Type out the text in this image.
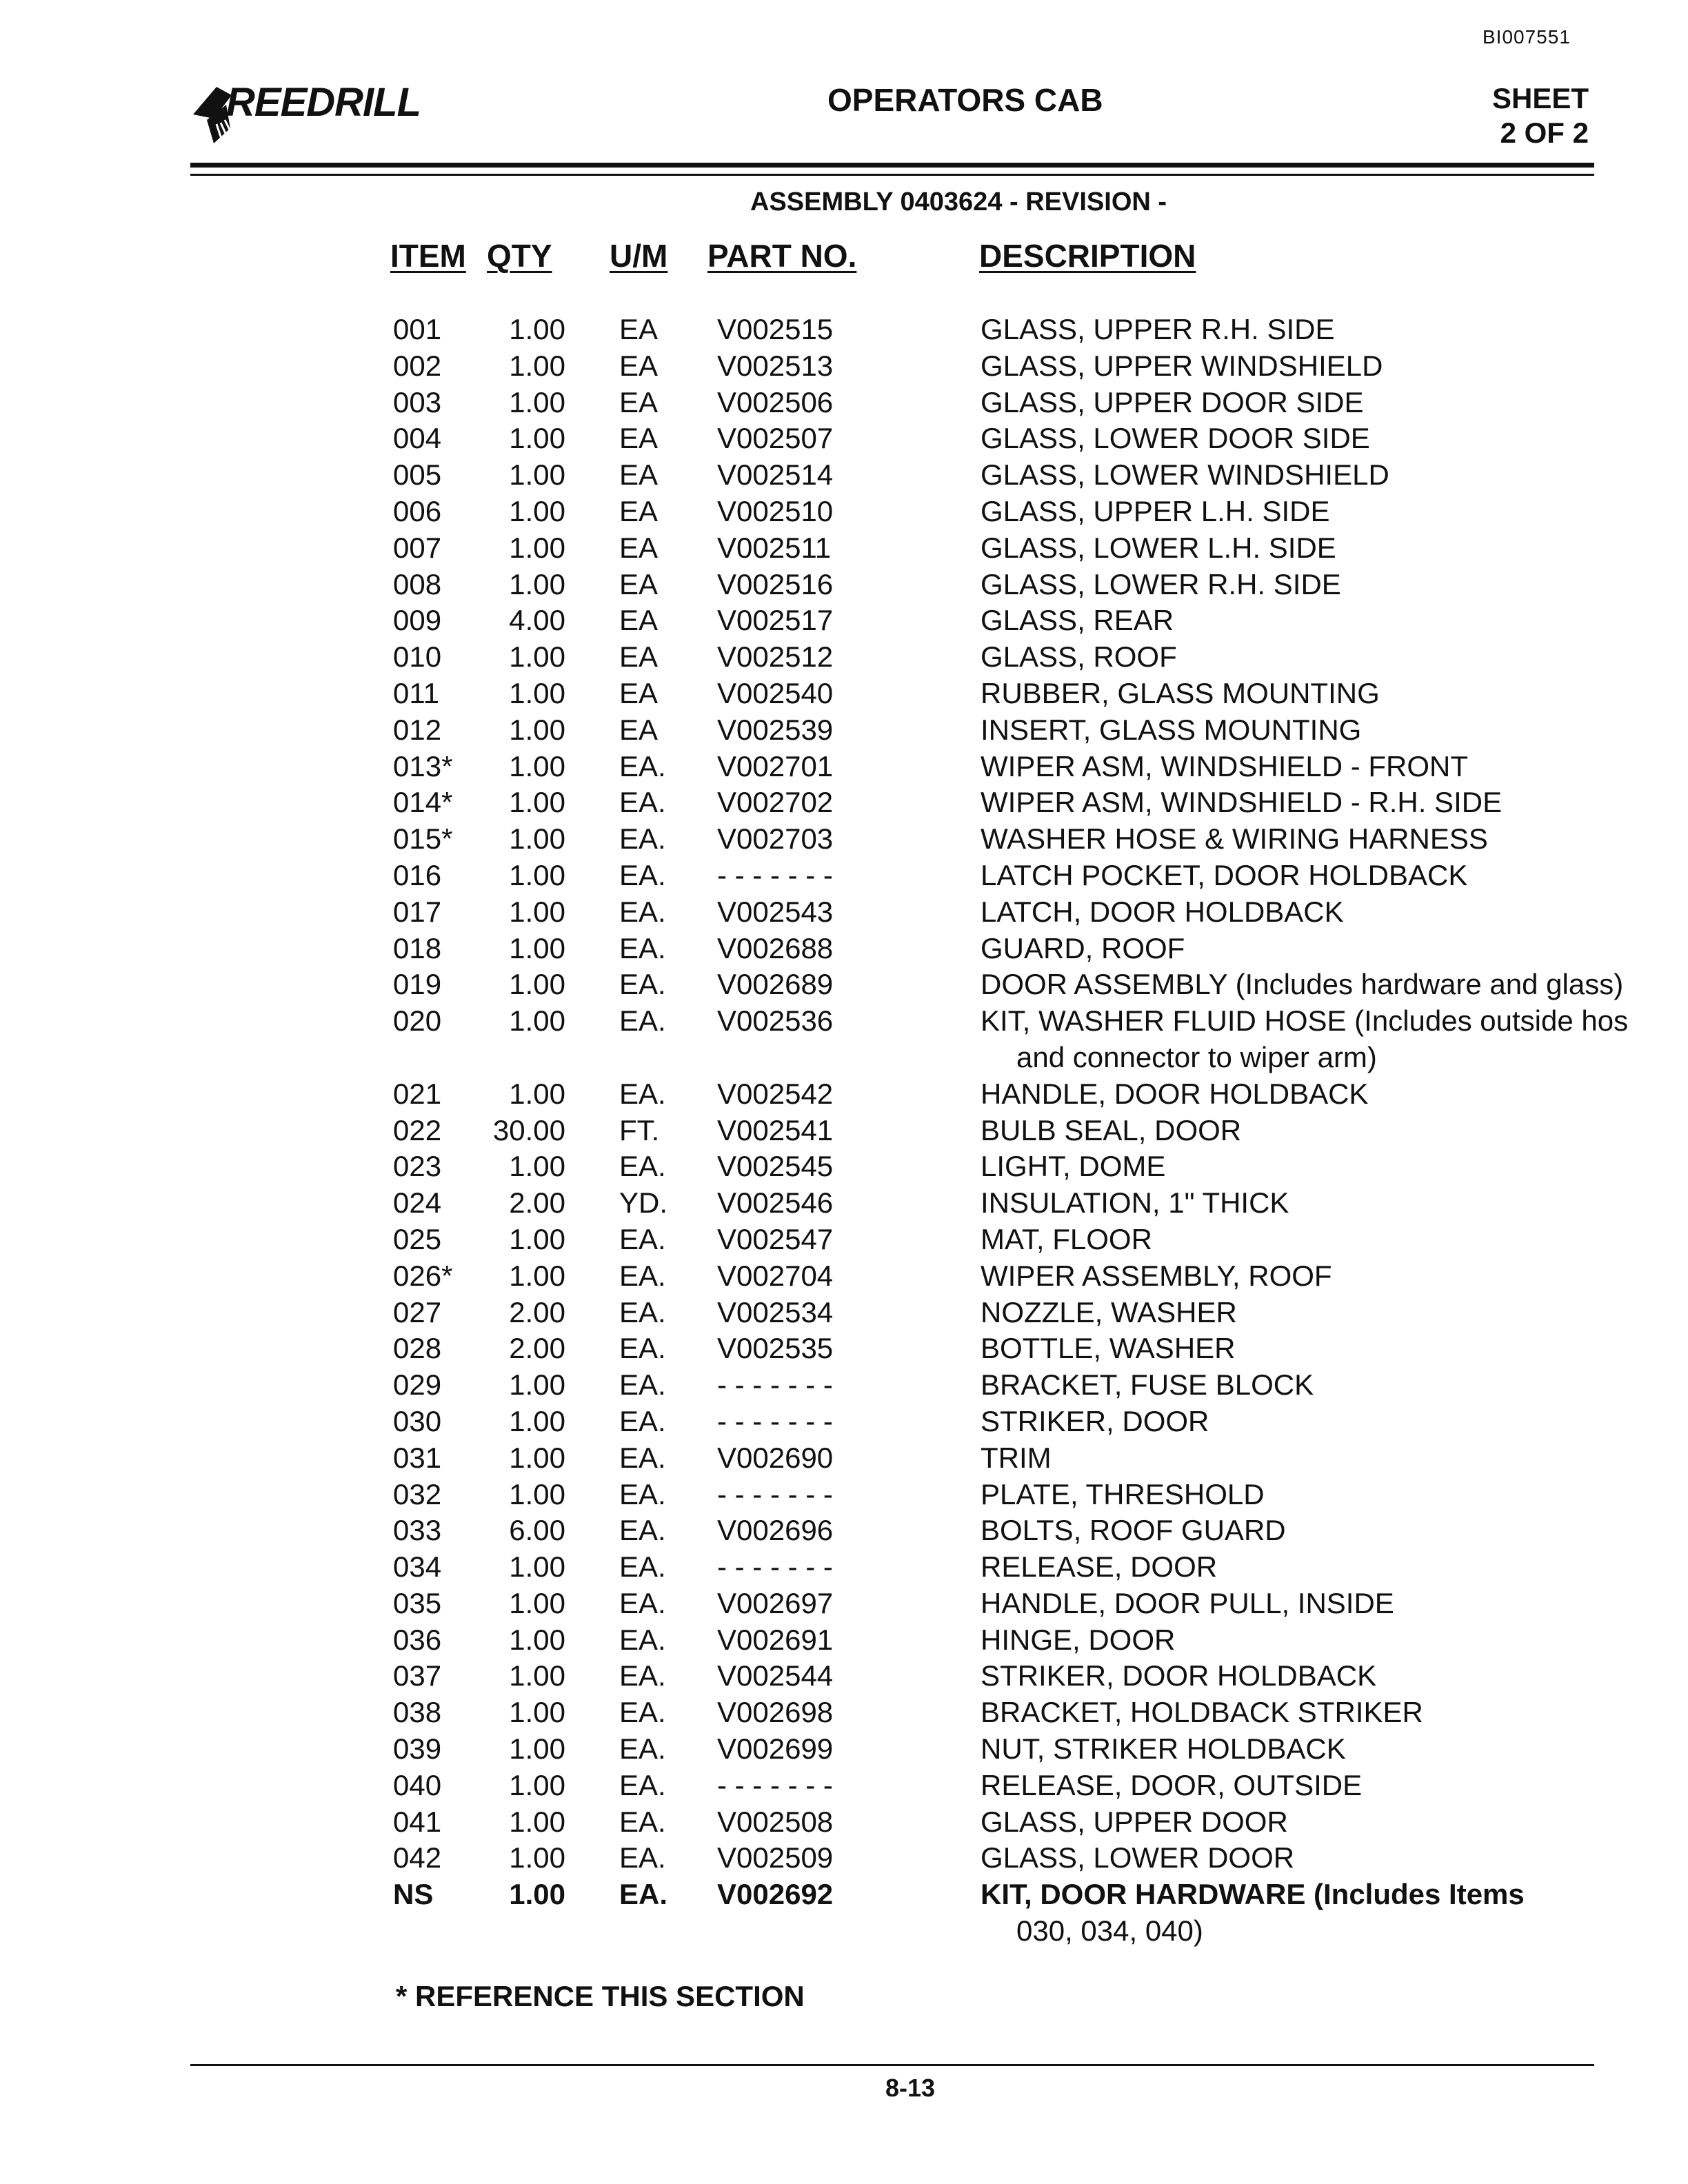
BI007551
REEDRILL	OPERATORS CAB	SHEET
2 OF 2
ASSEMBLY 0403624 - REVISION -
ITEM QTY U/M PART NO.	DESCRIPTION
001	1.00 EA V002515	GLASS, UPPER R.H. SIDE
002	1.00 EA V002513	GLASS, UPPER WINDSHIELD
003	1.00 EA V002506	GLASS, UPPER DOOR SIDE
004	1.00 EA V002507	GLASS, LOWER DOOR SIDE
005	1.00 EA V002514	GLASS, LOWER WINDSHIELD
006	1.00 EA V002510	GLASS, UPPER L.H. SIDE
007	1.00 EA V002511	GLASS, LOWER L.H. SIDE
008	1.00 EA V002516	GLASS, LOWER R.H. SIDE
009	4.00 EA V002517	GLASS, REAR
010	1.00 EA V002512	GLASS, ROOF
011	1.00 EA V002540	RUBBER, GLASS MOUNTING
012	1.00 EA V002539	INSERT, GLASS MOUNTING
013*	1.00 EA. V002701	WIPER ASM, WINDSHIELD - FRONT
014*	1.00 EA. V002702	WIPER ASM, WINDSHIELD - R.H. SIDE
015*	1.00 EA. V002703	WASHER HOSE & WIRING HARNESS
016	1.00 EA. - - - - - - -	LATCH POCKET, DOOR HOLDBACK
017	1.00 EA. V002543	LATCH, DOOR HOLDBACK
018	1.00 EA. V002688	GUARD, ROOF
019	1.00 EA. V002689	DOOR ASSEMBLY (Includes hardware and glass)
020	1.00 EA. V002536	KIT, WASHER FLUID HOSE (Includes outside hos
and connector to wiper arm)
021	1.00 EA. V002542	HANDLE, DOOR HOLDBACK
022 30.00 FT. V002541	BULB SEAL, DOOR
023	1.00 EA. V002545	LIGHT, DOME
024	2.00 YD. V002546	INSULATION, 1" THICK
025	1.00 EA. V002547	MAT, FLOOR
026*	1.00 EA. V002704	WIPER ASSEMBLY, ROOF
027	2.00 EA. V002534	NOZZLE, WASHER
028	2.00 EA. V002535	BOTTLE, WASHER
029	1.00 EA. - - - - - - -	BRACKET, FUSE BLOCK
030	1.00 EA. - - - - - - -	STRIKER, DOOR
031	1.00 EA. V002690	TRIM
032	1.00 EA. - - - - - - -	PLATE, THRESHOLD
033	6.00 EA. V002696	BOLTS, ROOF GUARD
034	1.00 EA. - - - - - - -	RELEASE, DOOR
035	1.00 EA. V002697	HANDLE, DOOR PULL, INSIDE
036	1.00 EA. V002691	HINGE, DOOR
037	1.00 EA. V002544	STRIKER, DOOR HOLDBACK
038	1.00 EA. V002698	BRACKET, HOLDBACK STRIKER
039	1.00 EA. V002699	NUT, STRIKER HOLDBACK
040	1.00 EA. - - - - - - -	RELEASE, DOOR, OUTSIDE
041	1.00 EA. V002508	GLASS, UPPER DOOR
042	1.00 EA. V002509	GLASS, LOWER DOOR
NS	1.00 EA. V002692	KIT, DOOR HARDWARE (Includes Items
030, 034, 040)
* REFERENCE THIS SECTION
8-13
